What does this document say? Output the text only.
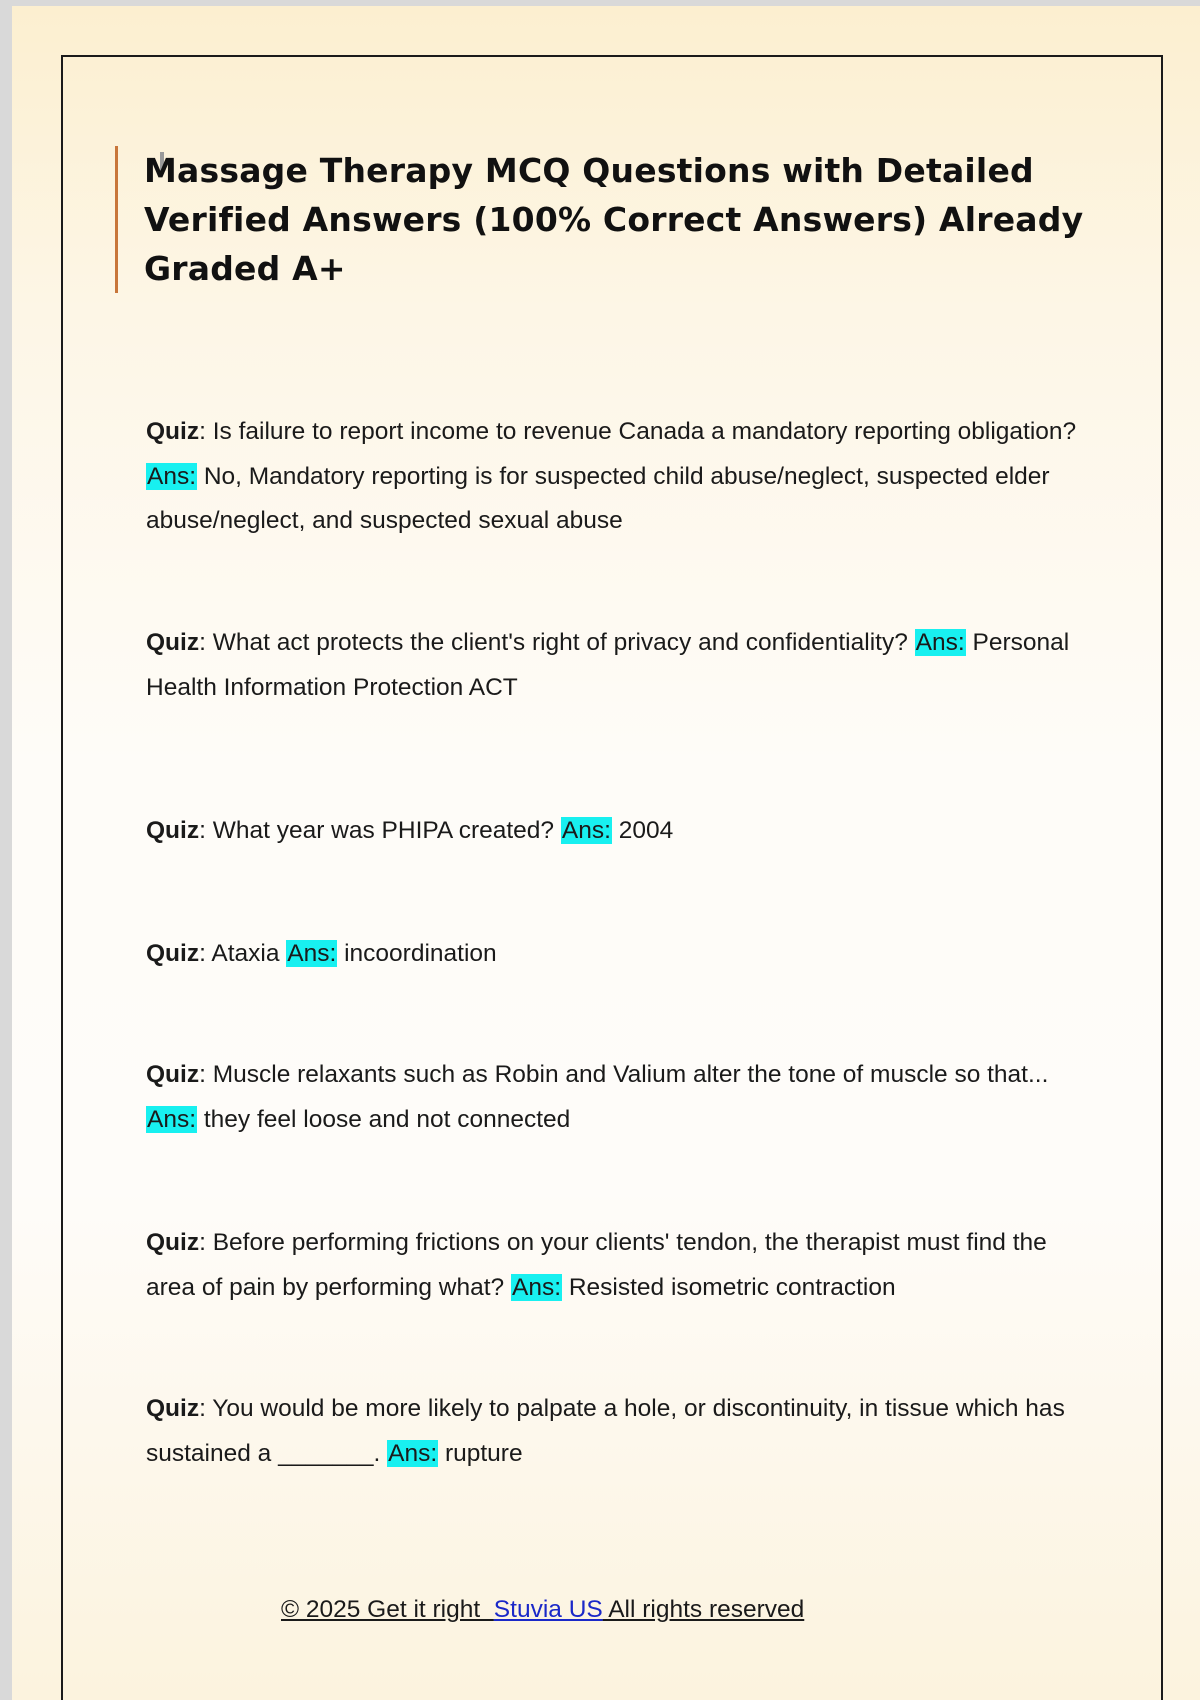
Massage Therapy MCQ Questions with Detailed Verified Answers (100% Correct Answers) Already Graded A+
Quiz: Is failure to report income to revenue Canada a mandatory reporting obligation? Ans: No, Mandatory reporting is for suspected child abuse/neglect, suspected elder abuse/neglect, and suspected sexual abuse
Quiz: What act protects the client's right of privacy and confidentiality? Ans: Personal Health Information Protection ACT
Quiz: What year was PHIPA created? Ans: 2004
Quiz: Ataxia Ans: incoordination
Quiz: Muscle relaxants such as Robin and Valium alter the tone of muscle so that... Ans: they feel loose and not connected
Quiz: Before performing frictions on your clients' tendon, the therapist must find the area of pain by performing what? Ans: Resisted isometric contraction
Quiz: You would be more likely to palpate a hole, or discontinuity, in tissue which has sustained a _______. Ans: rupture
© 2025 Get it right  Stuvia US All rights reserved
